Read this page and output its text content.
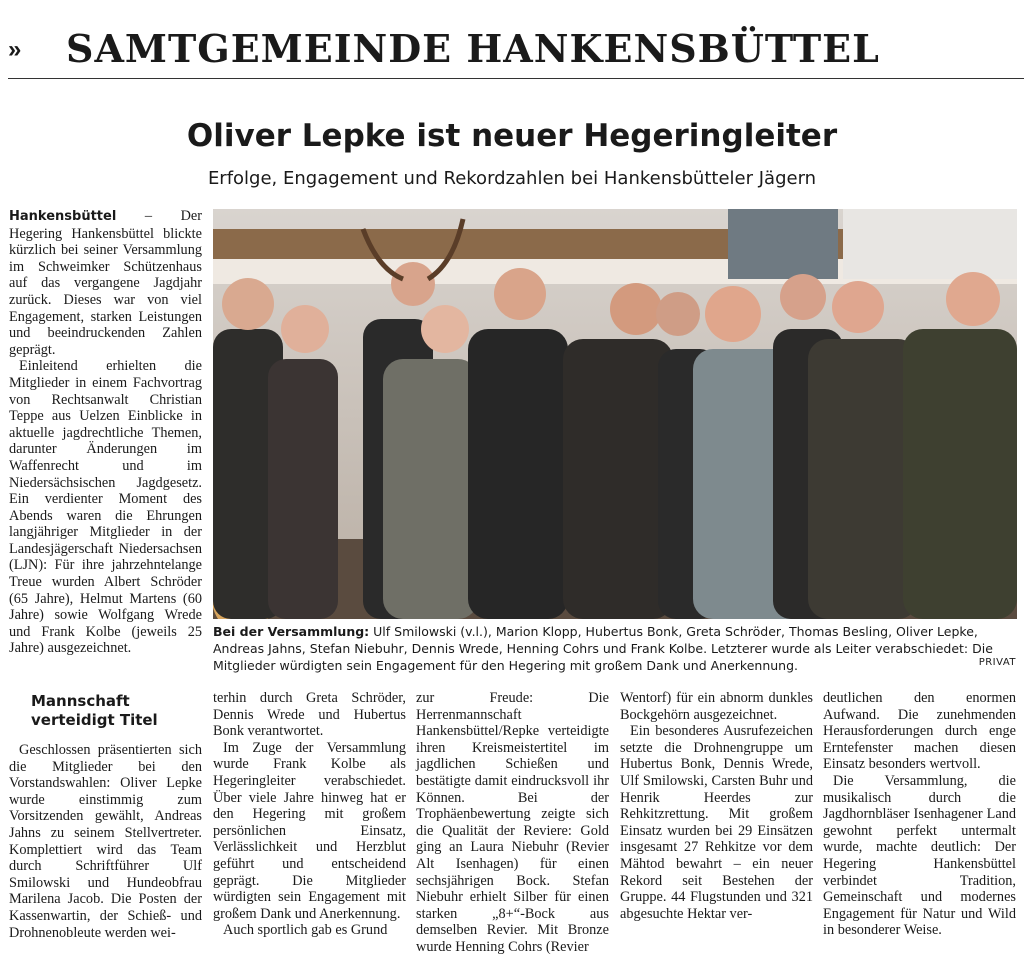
» SAMTGEMEINDE HANKENSBÜTTEL
Oliver Lepke ist neuer Hegeringleiter
Erfolge, Engagement und Rekordzahlen bei Hankensbütteler Jägern

Hankensbüttel – Der Hegering Hankensbüttel blickte kürzlich bei seiner Versammlung im Schweimker Schützenhaus auf das vergangene Jagdjahr zurück. Dieses war von viel Engagement, starken Leistungen und beeindruckenden Zahlen geprägt.

Einleitend erhielten die Mitglieder in einem Fachvortrag von Rechtsanwalt Christian Teppe aus Uelzen Einblicke in aktuelle jagdrechtliche Themen, darunter Änderungen im Waffenrecht und im Niedersächsischen Jagdgesetz. Ein verdienter Moment des Abends waren die Ehrungen langjähriger Mitglieder in der Landesjägerschaft Niedersachsen (LJN): Für ihre jahrzehntelange Treue wurden Albert Schröder (65 Jahre), Helmut Martens (60 Jahre) sowie Wolfgang Wrede und Frank Kolbe (jeweils 25 Jahre) ausgezeichnet.

Bei der Versammlung: Ulf Smilowski (v.l.), Marion Klopp, Hubertus Bonk, Greta Schröder, Thomas Besling, Oliver Lepke, Andreas Jahns, Stefan Niebuhr, Dennis Wrede, Henning Cohrs und Frank Kolbe. Letzterer wurde als Leiter verabschiedet: Die Mitglieder würdigten sein Engagement für den Hegering mit großem Dank und Anerkennung.	PRIVAT
Mannschaft verteidigt Titel

Geschlossen präsentierten sich die Mitglieder bei den Vorstandswahlen: Oliver Lepke wurde einstimmig zum Vorsitzenden gewählt, Andreas Jahns zu seinem Stellvertreter. Komplettiert wird das Team durch Schriftführer Ulf Smilowski und Hundeobfrau Marilena Jacob. Die Posten der Kassenwartin, der Schieß- und Drohnenobleute werden wei-

terhin durch Greta Schröder, Dennis Wrede und Hubertus Bonk verantwortet.

Im Zuge der Versammlung wurde Frank Kolbe als Hegeringleiter verabschiedet. Über viele Jahre hinweg hat er den Hegering mit großem persönlichen Einsatz, Verlässlichkeit und Herzblut geführt und entscheidend geprägt. Die Mitglieder würdigten sein Engagement mit großem Dank und Anerkennung.

Auch sportlich gab es Grund

zur Freude: Die Herrenmannschaft Hankensbüttel/Repke verteidigte ihren Kreismeistertitel im jagdlichen Schießen und bestätigte damit eindrucksvoll ihr Können. Bei der Trophäenbewertung zeigte sich die Qualität der Reviere: Gold ging an Laura Niebuhr (Revier Alt Isenhagen) für einen sechsjährigen Bock. Stefan Niebuhr erhielt Silber für einen starken „8+“-Bock aus demselben Revier. Mit Bronze wurde Henning Cohrs (Revier

Wentorf) für ein abnorm dunkles Bockgehörn ausgezeichnet.

Ein besonderes Ausrufezeichen setzte die Drohnengruppe um Hubertus Bonk, Dennis Wrede, Ulf Smilowski, Carsten Buhr und Henrik Heerdes zur Rehkitzrettung. Mit großem Einsatz wurden bei 29 Einsätzen insgesamt 27 Rehkitze vor dem Mähtod bewahrt – ein neuer Rekord seit Bestehen der Gruppe. 44 Flugstunden und 321 abgesuchte Hektar ver-

deutlichen den enormen Aufwand. Die zunehmenden Herausforderungen durch enge Erntefenster machen diesen Einsatz besonders wertvoll.

Die Versammlung, die musikalisch durch die Jagdhornbläser Isenhagener Land gewohnt perfekt untermalt wurde, machte deutlich: Der Hegering Hankensbüttel verbindet Tradition, Gemeinschaft und modernes Engagement für Natur und Wild in besonderer Weise.
